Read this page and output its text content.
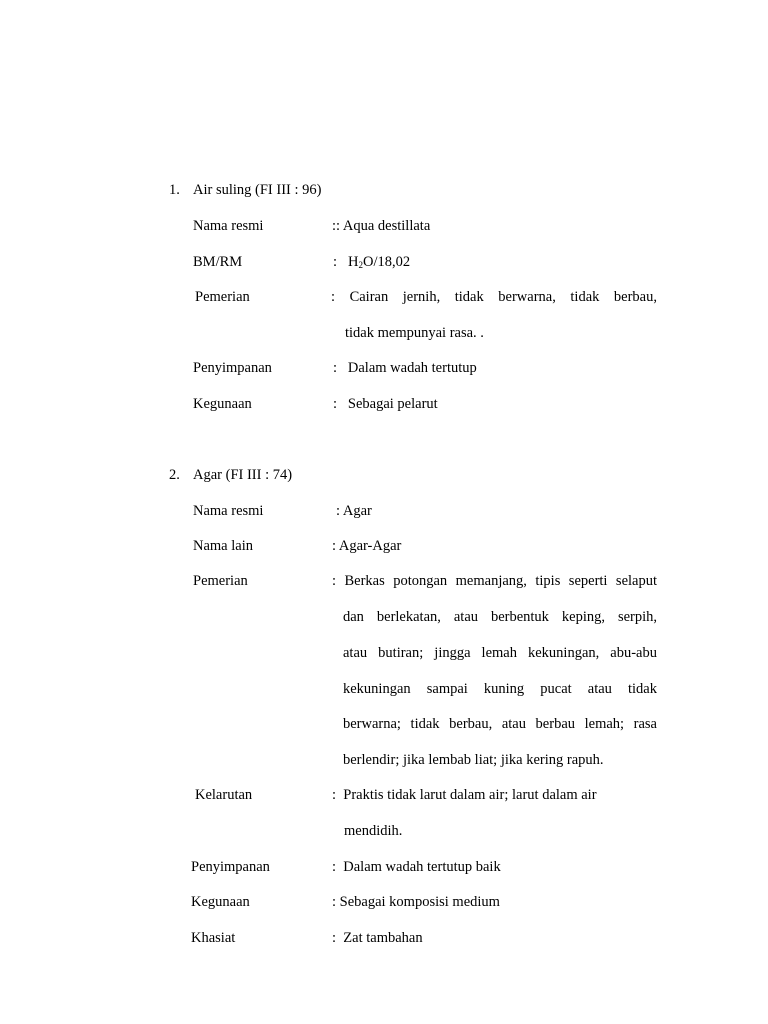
1. Air suling (FI III : 96)
Nama resmi	:: Aqua destillata
BM/RM	: $H_2O/18,02$
Pemerian	: Cairan jernih, tidak berwarna, tidak berbau,
tidak mempunyai rasa. .
Penyimpanan	:   Dalam wadah tertutup
Kegunaan	:   Sebagai pelarut
2. Agar (FI III : 74)
Nama resmi	: Agar
Nama lain	: Agar-Agar
Pemerian	: Berkas potongan memanjang, tipis seperti selaput
dan berlekatan, atau berbentuk keping, serpih,
atau butiran; jingga lemah kekuningan, abu-abu
kekuningan sampai kuning pucat atau tidak
berwarna; tidak berbau, atau berbau lemah; rasa
berlendir; jika lembab liat; jika kering rapuh.
Kelarutan	:  Praktis tidak larut dalam air; larut dalam air
mendidih.
Penyimpanan	:  Dalam wadah tertutup baik
Kegunaan	: Sebagai komposisi medium
Khasiat	:  Zat tambahan
